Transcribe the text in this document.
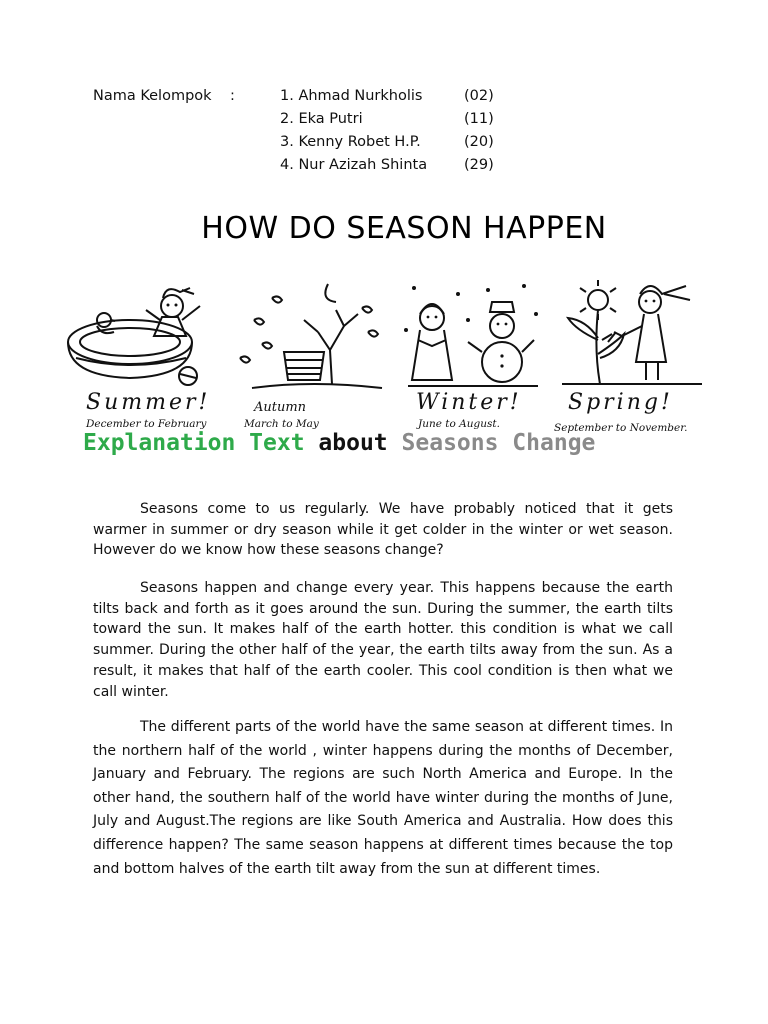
Nama Kelompok :	1. Ahmad Nurkholis	(02)
2. Eka Putri	(11)
3. Kenny Robet H.P.	(20)
4. Nur Azizah Shinta	(29)
HOW DO SEASON HAPPEN
Summer!
December to February
Autumn
March to May
Winter!
June to August.
Spring!
September to November.
Explanation Text about Seasons Change

Seasons come to us regularly. We have probably noticed that it gets warmer in summer or dry season while it get colder in the winter or wet season. However do we know how these seasons change?

Seasons happen and change every year. This happens because the earth tilts back and forth as it goes around the sun. During the summer, the earth tilts toward the sun. It makes half of the earth hotter. this condition is what we call summer. During the other half of the year, the earth tilts away from the sun. As a result, it makes that half of the earth cooler. This cool condition is then what we call winter.

The different parts of the world have the same season at different times. In the northern half of the world , winter happens during the months of December, January and February. The regions are such North America and Europe. In the other hand, the southern half of the world have winter during the months of June, July and August.The regions are like South America and Australia. How does this difference happen? The same season happens at different times because the top and bottom halves of the earth tilt away from the sun at different times.
